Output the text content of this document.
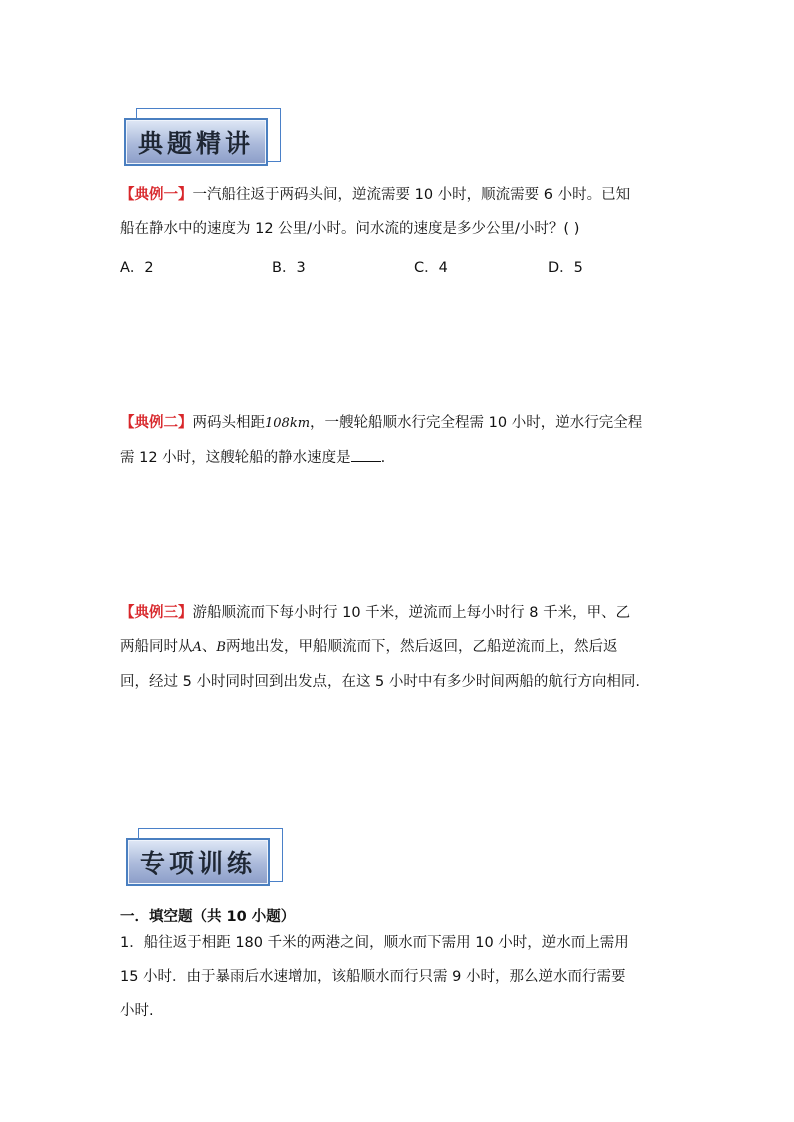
典题精讲

【典例一】一汽船往返于两码头间，逆流需要 10 小时，顺流需要 6 小时。已知

船在静水中的速度为 12 公里/小时。问水流的速度是多少公里/小时？( )

A．2	B．3	C．4	D．5

【典例二】两码头相距108km，一艘轮船顺水行完全程需 10 小时，逆水行完全程

需 12 小时，这艘轮船的静水速度是 .

【典例三】游船顺流而下每小时行 10 千米，逆流而上每小时行 8 千米，甲、乙

两船同时从A、B两地出发，甲船顺流而下，然后返回，乙船逆流而上，然后返

回，经过 5 小时同时回到出发点，在这 5 小时中有多少时间两船的航行方向相同.

专项训练
一．填空题（共 10 小题）

1．船往返于相距 180 千米的两港之间，顺水而下需用 10 小时，逆水而上需用

15 小时．由于暴雨后水速增加，该船顺水而行只需 9 小时，那么逆水而行需要

小时.
